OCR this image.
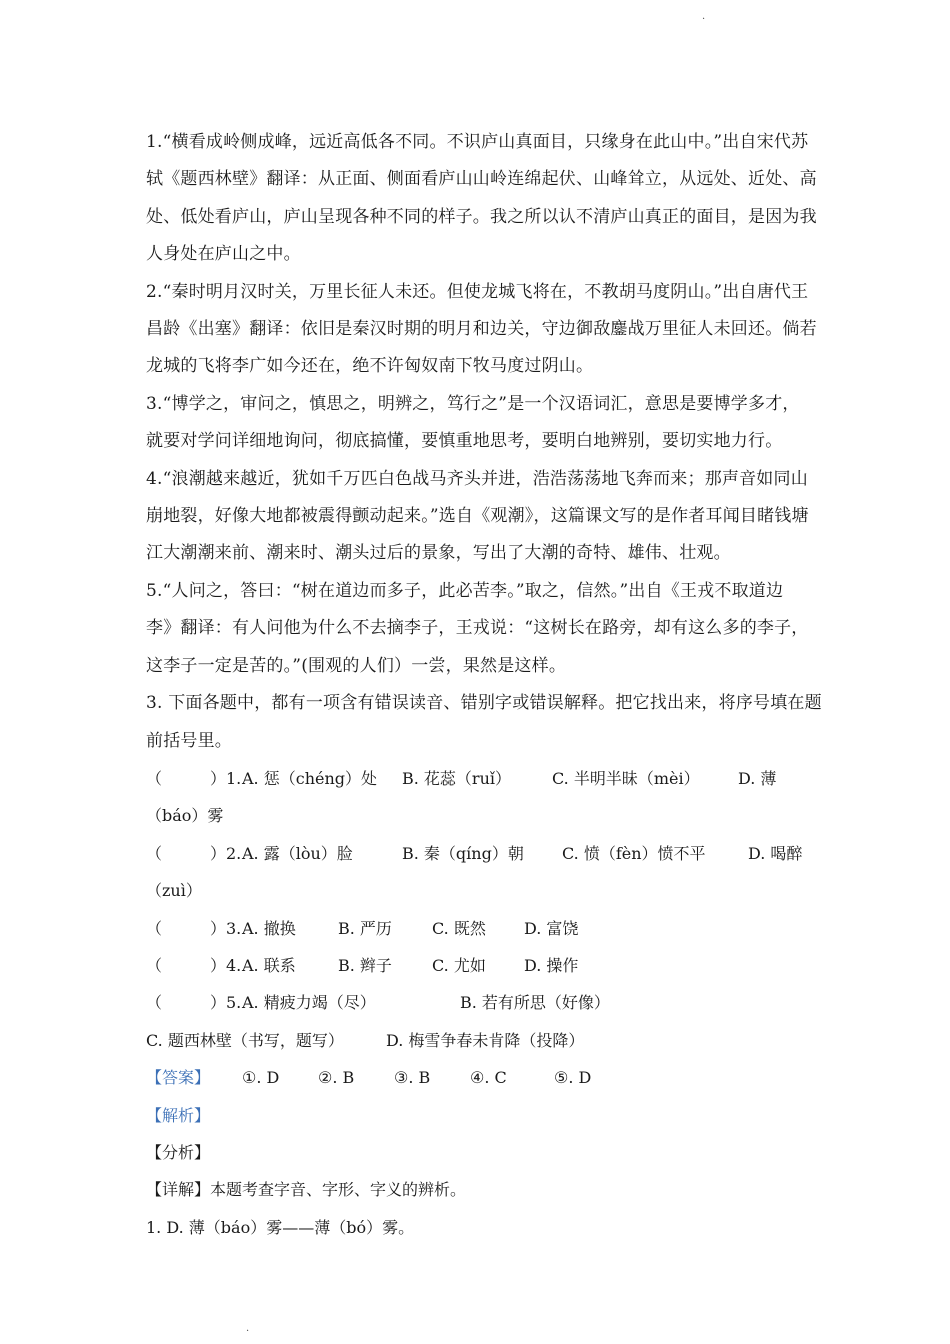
·
·
1.“横看成岭侧成峰，远近高低各不同。不识庐山真面目，只缘身在此山中。”出自宋代苏
轼《题西林壁》翻译：从正面、侧面看庐山山岭连绵起伏、山峰耸立，从远处、近处、高
处、低处看庐山，庐山呈现各种不同的样子。我之所以认不清庐山真正的面目，是因为我
人身处在庐山之中。
2.“秦时明月汉时关，万里长征人未还。但使龙城飞将在，不教胡马度阴山。”出自唐代王
昌龄《出塞》翻译：依旧是秦汉时期的明月和边关，守边御敌鏖战万里征人未回还。倘若
龙城的飞将李广如今还在，绝不许匈奴南下牧马度过阴山。
3.“博学之，审问之，慎思之，明辨之，笃行之”是一个汉语词汇，意思是要博学多才，
就要对学问详细地询问，彻底搞懂，要慎重地思考，要明白地辨别，要切实地力行。
4.“浪潮越来越近，犹如千万匹白色战马齐头并进，浩浩荡荡地飞奔而来；那声音如同山
崩地裂，好像大地都被震得颤动起来。”选自《观潮》，这篇课文写的是作者耳闻目睹钱塘
江大潮潮来前、潮来时、潮头过后的景象，写出了大潮的奇特、雄伟、壮观。
5.“人问之，答曰：“树在道边而多子，此必苦李。”取之，信然。”出自《王戎不取道边
李》翻译：有人问他为什么不去摘李子，王戎说：“这树长在路旁，却有这么多的李子，
这李子一定是苦的。”(围观的人们）一尝，果然是这样。
3. 下面各题中，都有一项含有错误读音、错别字或错误解释。把它找出来，将序号填在题
前括号里。
（　　　）1.A. 惩（chéng）处 B. 花蕊（ruǐ）	C. 半明半昧（mèi） D. 薄
（báo）雾
（　　　）2.A. 露（lòu）脸	B. 秦（qíng）朝 C. 愤（fèn）愤不平	D. 喝醉
（zuì）
（　　　）3.A. 撤换	B. 严历	C. 既然 D. 富饶
（　　　）4.A. 联系	B. 辫子	C. 尤如 D. 操作
（　　　）5.A. 精疲力竭（尽）	B. 若有所思（好像）
C. 题西林壁（书写，题写）	D. 梅雪争春未肯降（投降）
【答案】 ①. D ②. B ③. B ④. C	⑤. D
【解析】
【分析】
【详解】本题考查字音、字形、字义的辨析。
1. D. 薄（báo）雾——薄（bó）雾。
